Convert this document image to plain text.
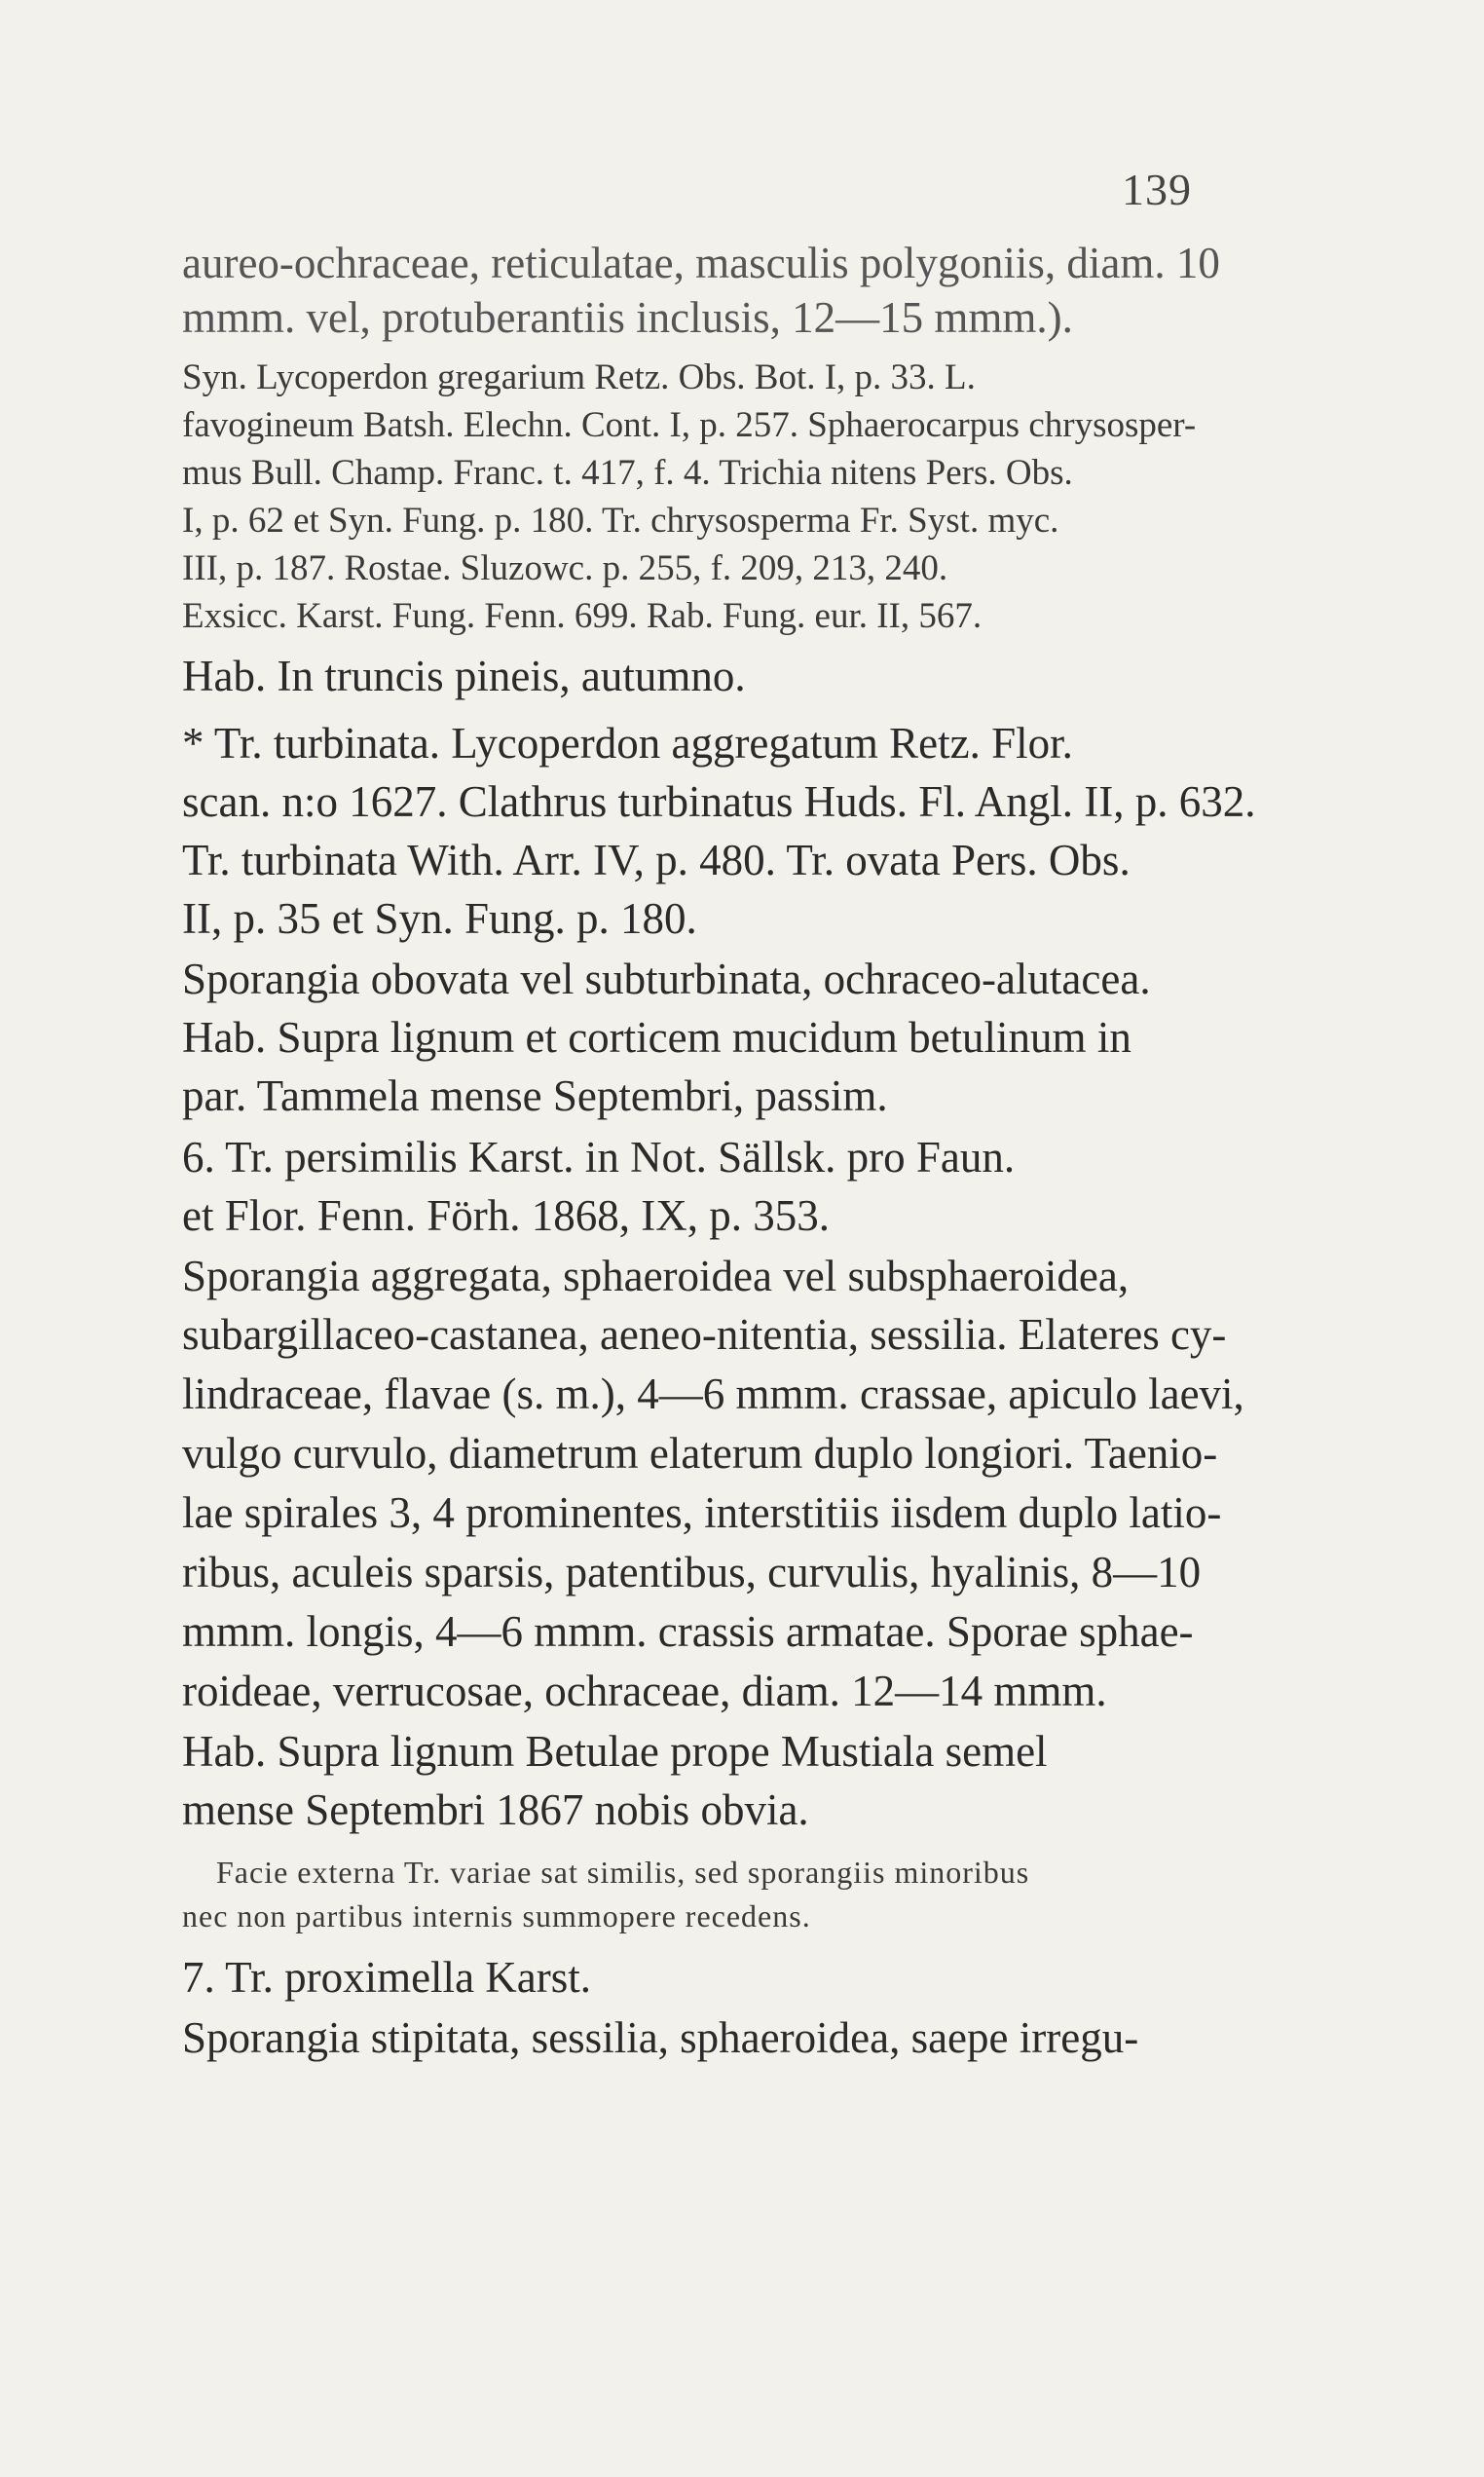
139
aureo-ochraceae, reticulatae, masculis polygoniis, diam. 10
mmm. vel, protuberantiis inclusis, 12—15 mmm.).
Syn. Lycoperdon gregarium Retz. Obs. Bot. I, p. 33. L.
favogineum Batsh. Elechn. Cont. I, p. 257. Sphaerocarpus chrysosper-
mus Bull. Champ. Franc. t. 417, f. 4. Trichia nitens Pers. Obs.
I, p. 62 et Syn. Fung. p. 180. Tr. chrysosperma Fr. Syst. myc.
III, p. 187. Rostae. Sluzowc. p. 255, f. 209, 213, 240.
Exsicc. Karst. Fung. Fenn. 699. Rab. Fung. eur. II, 567.
Hab. In truncis pineis, autumno.
* Tr. turbinata. Lycoperdon aggregatum Retz. Flor.
scan. n:o 1627. Clathrus turbinatus Huds. Fl. Angl. II, p. 632.
Tr. turbinata With. Arr. IV, p. 480. Tr. ovata Pers. Obs.
II, p. 35 et Syn. Fung. p. 180.
Sporangia obovata vel subturbinata, ochraceo-alutacea.
Hab. Supra lignum et corticem mucidum betulinum in
par. Tammela mense Septembri, passim.
6. Tr. persimilis Karst. in Not. Sällsk. pro Faun.
et Flor. Fenn. Förh. 1868, IX, p. 353.
Sporangia aggregata, sphaeroidea vel subsphaeroidea,
subargillaceo-castanea, aeneo-nitentia, sessilia. Elateres cy-
lindraceae, flavae (s. m.), 4—6 mmm. crassae, apiculo laevi,
vulgo curvulo, diametrum elaterum duplo longiori. Taenio-
lae spirales 3, 4 prominentes, interstitiis iisdem duplo latio-
ribus, aculeis sparsis, patentibus, curvulis, hyalinis, 8—10
mmm. longis, 4—6 mmm. crassis armatae. Sporae sphae-
roideae, verrucosae, ochraceae, diam. 12—14 mmm.
Hab. Supra lignum Betulae prope Mustiala semel
mense Septembri 1867 nobis obvia.
Facie externa Tr. variae sat similis, sed sporangiis minoribus
nec non partibus internis summopere recedens.
7. Tr. proximella Karst.
Sporangia stipitata, sessilia, sphaeroidea, saepe irregu-
